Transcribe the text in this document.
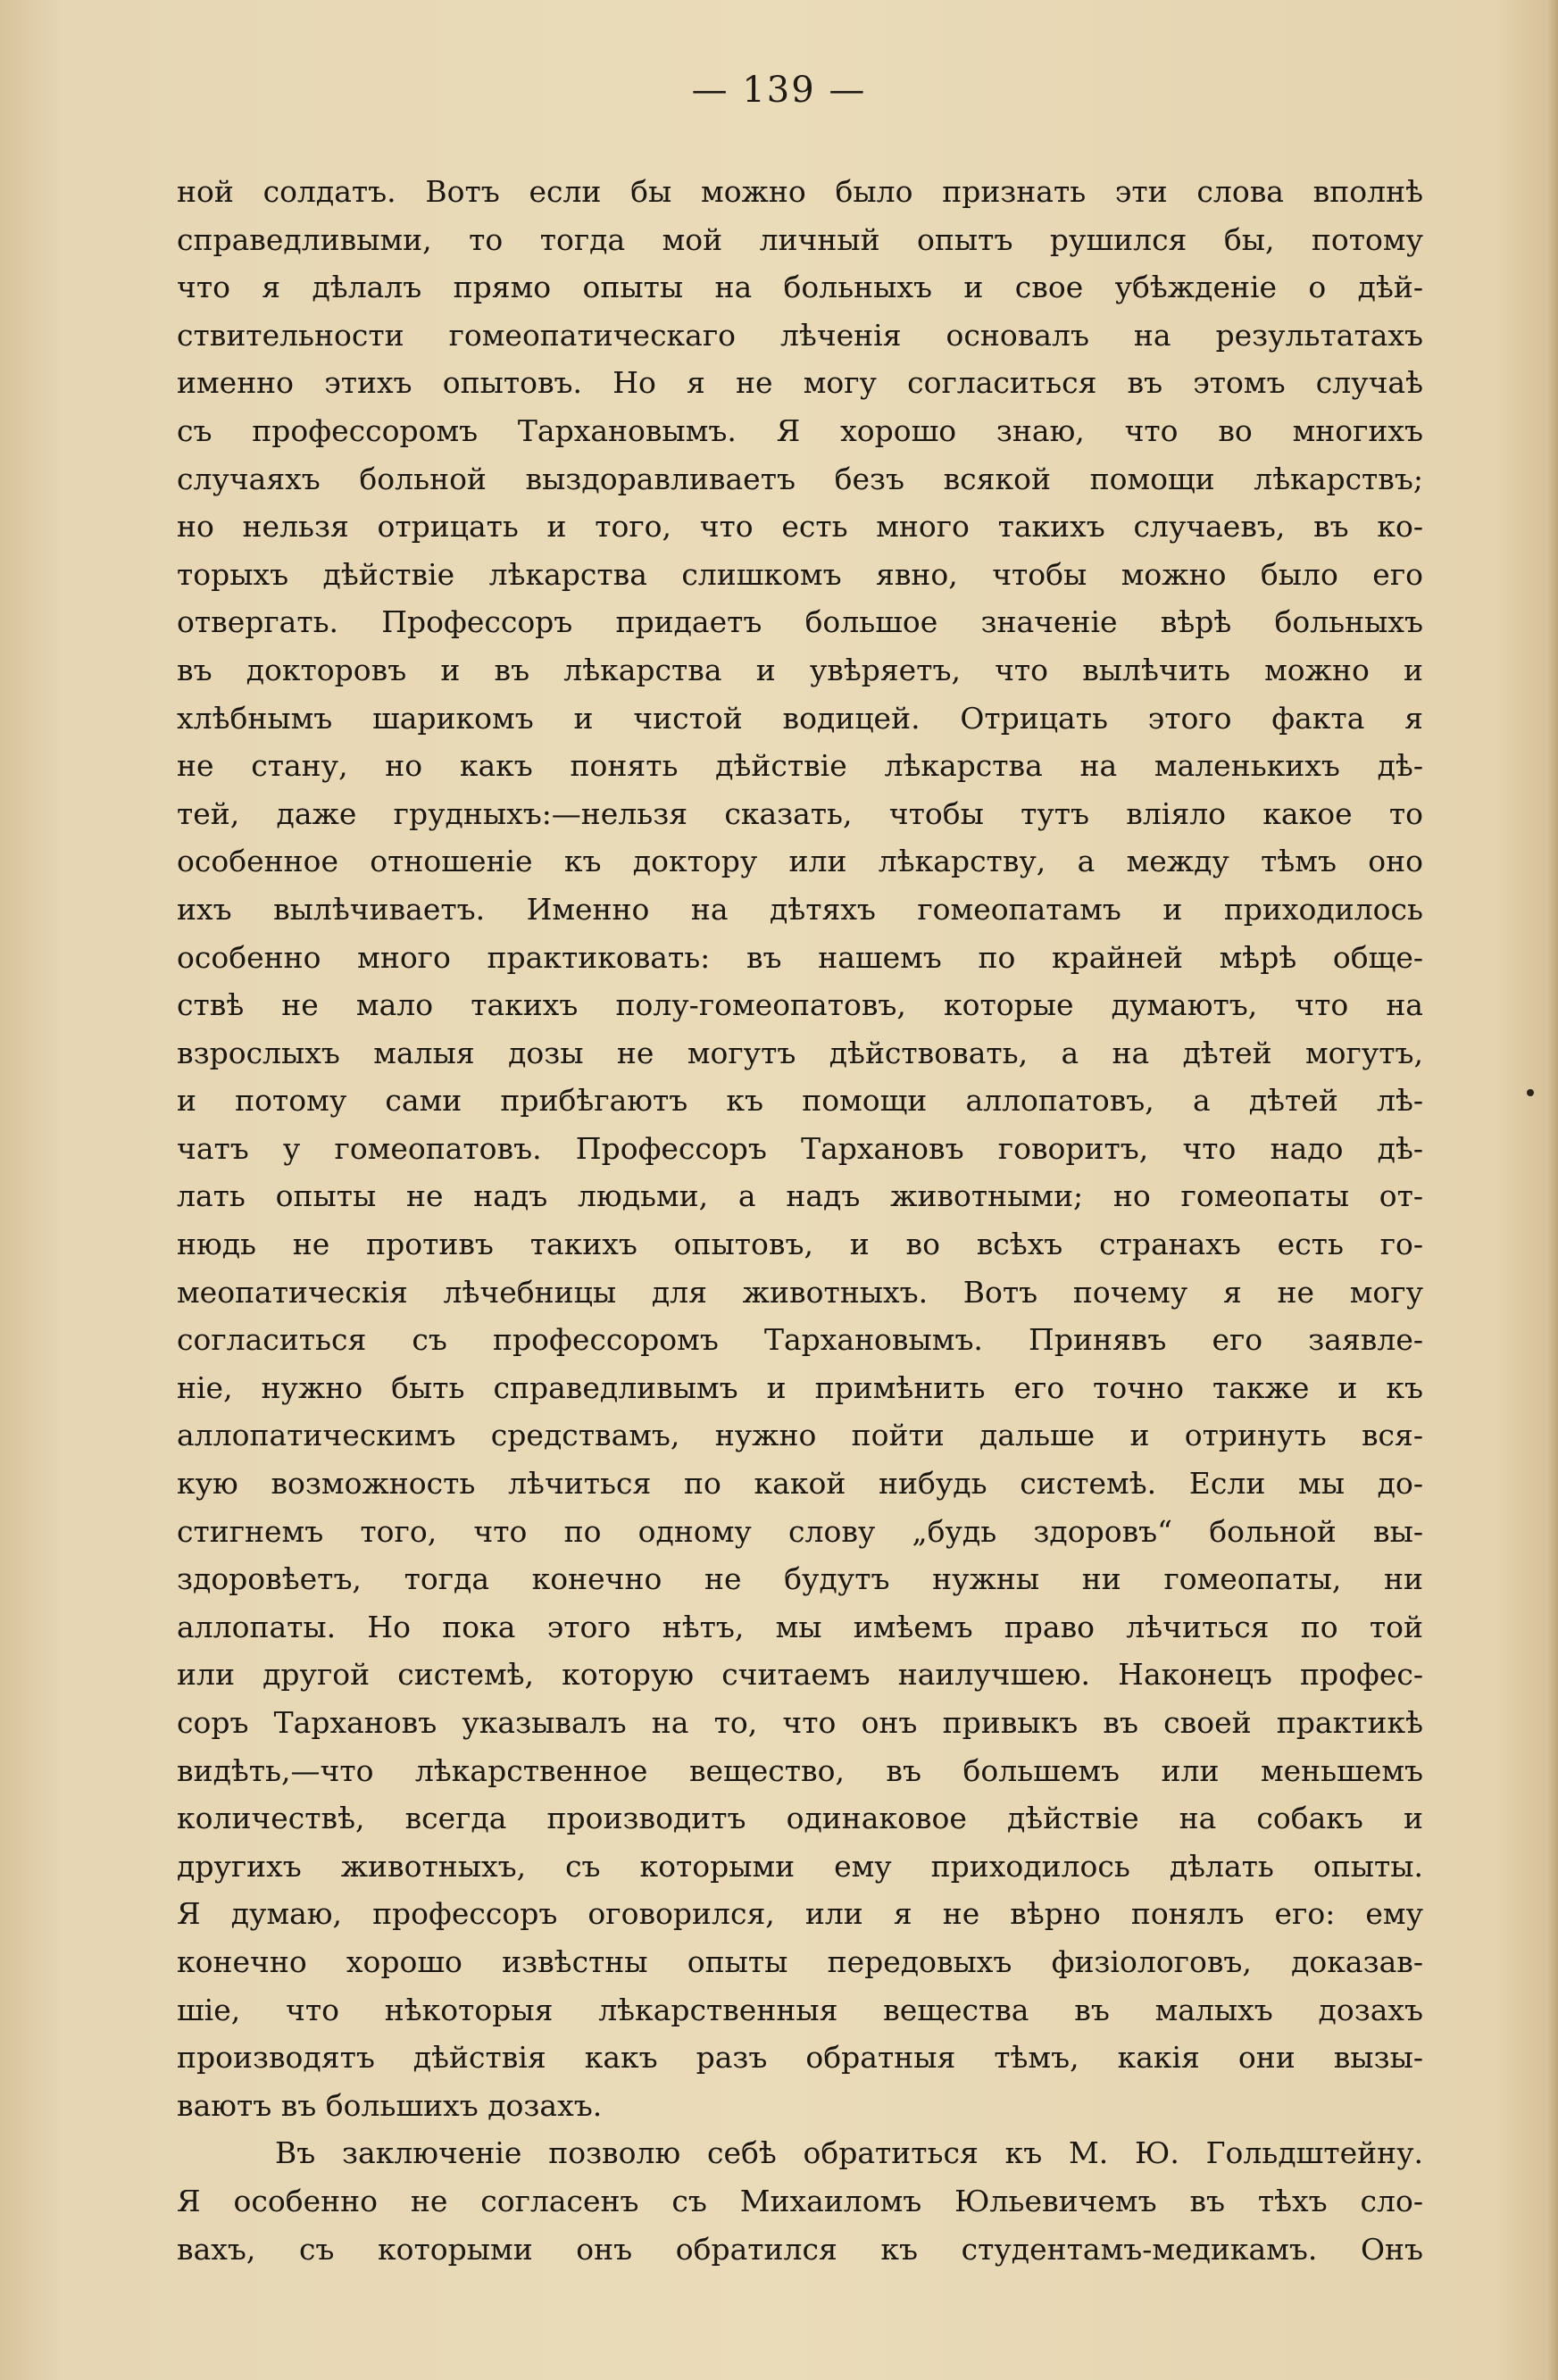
— 139 —
ной солдатъ. Вотъ если бы можно было признать эти слова вполнѣ
справедливыми, то тогда мой личный опытъ рушился бы, потому
что я дѣлалъ прямо опыты на больныхъ и свое убѣжденіе о дѣй-
ствительности гомеопатическаго лѣченія основалъ на результатахъ
именно этихъ опытовъ. Но я не могу согласиться въ этомъ случаѣ
съ профессоромъ Тархановымъ. Я хорошо знаю, что во многихъ
случаяхъ больной выздоравливаетъ безъ всякой помощи лѣкарствъ;
но нельзя отрицать и того, что есть много такихъ случаевъ, въ ко-
торыхъ дѣйствіе лѣкарства слишкомъ явно, чтобы можно было его
отвергать. Профессоръ придаетъ большое значеніе вѣрѣ больныхъ
въ докторовъ и въ лѣкарства и увѣряетъ, что вылѣчить можно и
хлѣбнымъ шарикомъ и чистой водицей. Отрицать этого факта я
не стану, но какъ понять дѣйствіе лѣкарства на маленькихъ дѣ-
тей, даже грудныхъ:—нельзя сказать, чтобы тутъ вліяло какое то
особенное отношеніе къ доктору или лѣкарству, а между тѣмъ оно
ихъ вылѣчиваетъ. Именно на дѣтяхъ гомеопатамъ и приходилось
особенно много практиковать: въ нашемъ по крайней мѣрѣ обще-
ствѣ не мало такихъ полу-гомеопатовъ, которые думаютъ, что на
взрослыхъ малыя дозы не могутъ дѣйствовать, а на дѣтей могутъ,
и потому сами прибѣгаютъ къ помощи аллопатовъ, а дѣтей лѣ-
чатъ у гомеопатовъ. Профессоръ Тархановъ говоритъ, что надо дѣ-
лать опыты не надъ людьми, а надъ животными; но гомеопаты от-
нюдь не противъ такихъ опытовъ, и во всѣхъ странахъ есть го-
меопатическія лѣчебницы для животныхъ. Вотъ почему я не могу
согласиться съ профессоромъ Тархановымъ. Принявъ его заявле-
ніе, нужно быть справедливымъ и примѣнить его точно также и къ
аллопатическимъ средствамъ, нужно пойти дальше и отринуть вся-
кую возможность лѣчиться по какой нибудь системѣ. Если мы до-
стигнемъ того, что по одному слову „будь здоровъ“ больной вы-
здоровѣетъ, тогда конечно не будутъ нужны ни гомеопаты, ни
аллопаты. Но пока этого нѣтъ, мы имѣемъ право лѣчиться по той
или другой системѣ, которую считаемъ наилучшею. Наконецъ профес-
соръ Тархановъ указывалъ на то, что онъ привыкъ въ своей практикѣ
видѣть,—что лѣкарственное вещество, въ большемъ или меньшемъ
количествѣ, всегда производитъ одинаковое дѣйствіе на собакъ и
другихъ животныхъ, съ которыми ему приходилось дѣлать опыты.
Я думаю, профессоръ оговорился, или я не вѣрно понялъ его: ему
конечно хорошо извѣстны опыты передовыхъ физіологовъ, доказав-
шіе, что нѣкоторыя лѣкарственныя вещества въ малыхъ дозахъ
производятъ дѣйствія какъ разъ обратныя тѣмъ, какія они вызы-
ваютъ въ большихъ дозахъ.
Въ заключеніе позволю себѣ обратиться къ М. Ю. Гольдштейну.
Я особенно не согласенъ съ Михаиломъ Юльевичемъ въ тѣхъ сло-
вахъ, съ которыми онъ обратился къ студентамъ-медикамъ. Онъ
